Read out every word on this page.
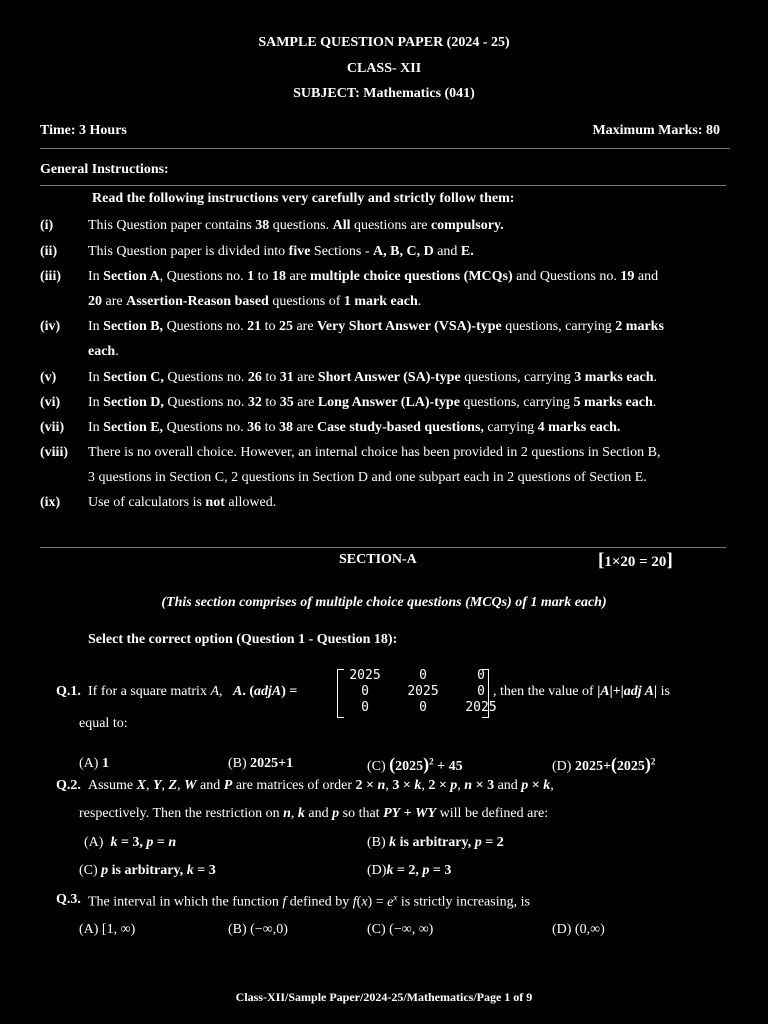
SAMPLE QUESTION PAPER (2024 - 25)
CLASS- XII
SUBJECT: Mathematics (041)
Time: 3 Hours	Maximum Marks: 80
General Instructions:
Read the following instructions very carefully and strictly follow them:
(i) This Question paper contains 38 questions. All questions are compulsory.
(ii) This Question paper is divided into five Sections - A, B, C, D and E.
(iii) In Section A, Questions no. 1 to 18 are multiple choice questions (MCQs) and Questions no. 19 and
20 are Assertion-Reason based questions of 1 mark each.
(iv) In Section B, Questions no. 21 to 25 are Very Short Answer (VSA)-type questions, carrying 2 marks
each.
(v) In Section C, Questions no. 26 to 31 are Short Answer (SA)-type questions, carrying 3 marks each.
(vi) In Section D, Questions no. 32 to 35 are Long Answer (LA)-type questions, carrying 5 marks each.
(vii) In Section E, Questions no. 36 to 38 are Case study-based questions, carrying 4 marks each.
(viii) There is no overall choice. However, an internal choice has been provided in 2 questions in Section B,
3 questions in Section C, 2 questions in Section D and one subpart each in 2 questions of Section E.
(ix) Use of calculators is not allowed.
SECTION-A	[1×20 = 20]
(This section comprises of multiple choice questions (MCQs) of 1 mark each)
Select the correct option (Question 1 - Question 18):
Q.1. If for a square matrix A,   A. (adjA) =
2025	0	0
0	2025	0
0	0	2025
, then the value of |A|+|adj A| is
equal to:
(A) 1	(B) 2025+1	(C) $(2025)^2 + 45$	(D) $2025+(2025)^2$
Q.2. Assume X, Y, Z, W and P are matrices of order 2 × n, 3 × k, 2 × p, n × 3 and p × k,
respectively. Then the restriction on n, k and p so that PY + WY will be defined are:
(A)  k = 3, p = n	(B) k is arbitrary, p = 2
(C) p is arbitrary, k = 3	(D)k = 2, p = 3
Q.3. The interval in which the function f defined by $f(x) = e^x$ is strictly increasing, is
(A) [1, ∞)	(B) (−∞,0)	(C) (−∞, ∞)	(D) (0,∞)
Class-XII/Sample Paper/2024-25/Mathematics/Page 1 of 9
